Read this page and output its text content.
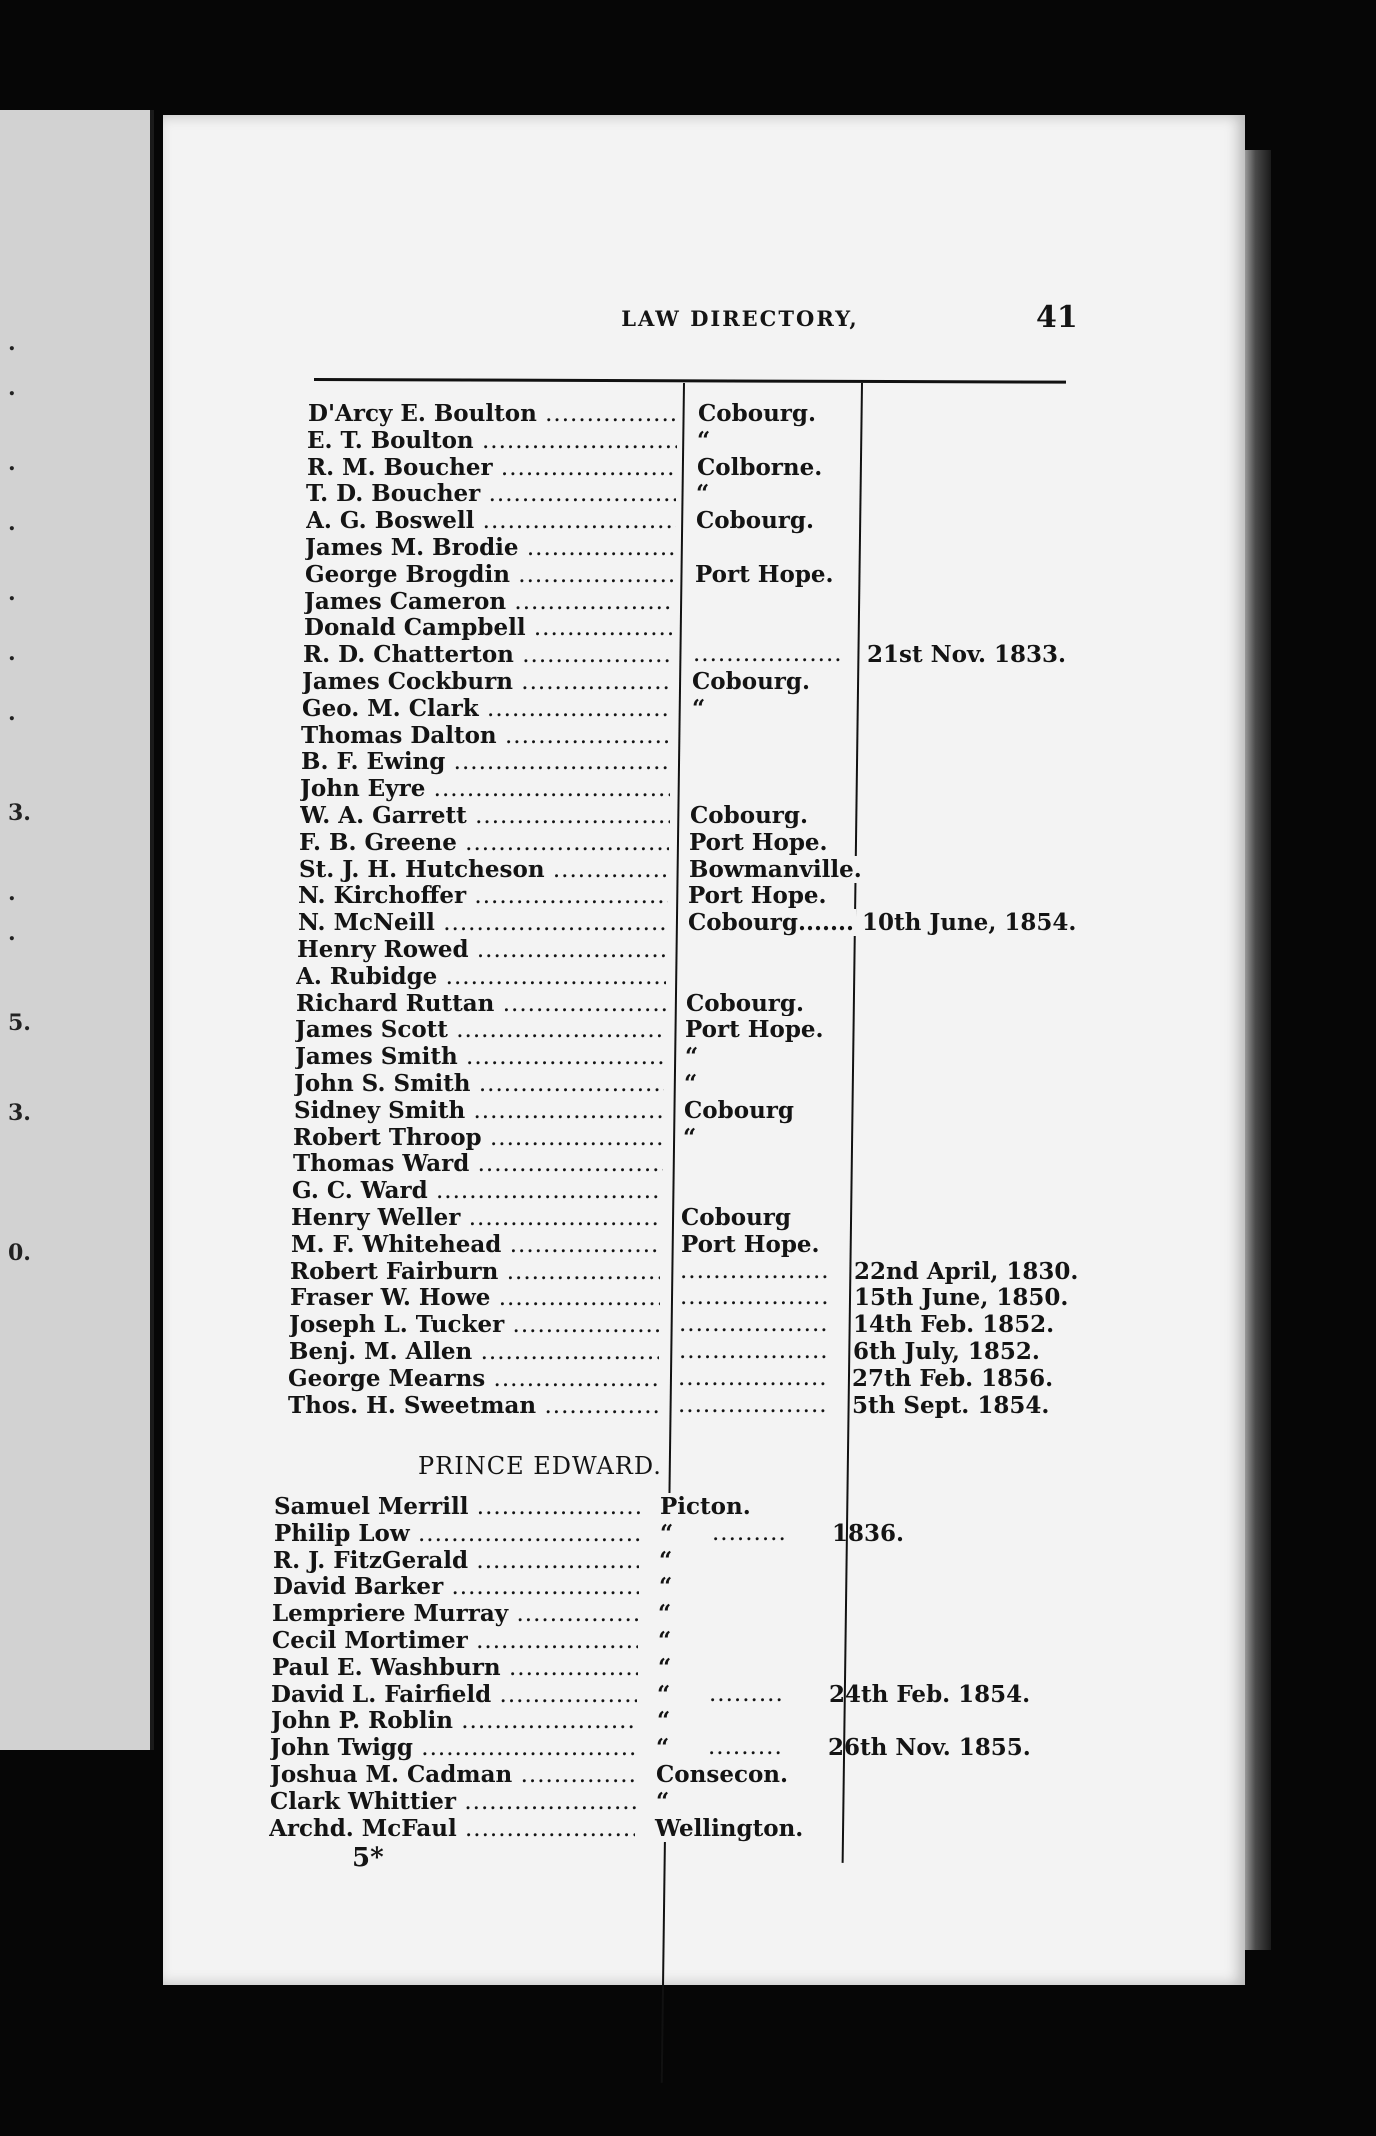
.
.
.
.
.
.
.
3.
.
.
5.
3.
0.
LAW DIRECTORY,	41
D'Arcy E. Boulton .....	Cobourg.
E. T. Boulton .....	“
R. M. Boucher .....	Colborne.
T. D. Boucher .....	“
A. G. Boswell .....	Cobourg.
James M. Brodie .....
George Brogdin .....	Port Hope.
James Cameron .....
Donald Campbell .....
R. D. Chatterton .....	.................. 21st Nov. 1833.
James Cockburn .....	Cobourg.
Geo. M. Clark .....	“
Thomas Dalton .....
B. F. Ewing .....
John Eyre .....
W. A. Garrett .....	Cobourg.
F. B. Greene .....	Port Hope.
St. J. H. Hutcheson .....	Bowmanville.
N. Kirchoffer .....	Port Hope.
N. McNeill .....	Cobourg....... 10th June, 1854.
Henry Rowed .....
A. Rubidge .....
Richard Ruttan .....	Cobourg.
James Scott .....	Port Hope.
James Smith .....	“
John S. Smith .....	“
Sidney Smith .....	Cobourg
Robert Throop .....	“
Thomas Ward .....
G. C. Ward .....
Henry Weller .....	Cobourg
M. F. Whitehead .....	Port Hope.
Robert Fairburn .....	.................. 22nd April, 1830.
Fraser W. Howe .....	.................. 15th June, 1850.
Joseph L. Tucker .....	.................. 14th Feb. 1852.
Benj. M. Allen .....	.................. 6th July, 1852.
George Mearns .....	.................. 27th Feb. 1856.
Thos. H. Sweetman .....	.................. 5th Sept. 1854.
PRINCE EDWARD.
Samuel Merrill .....	Picton.
Philip Low .....	“ ......... 1836.
R. J. FitzGerald .....	“
David Barker .....	“
Lempriere Murray .....	“
Cecil Mortimer .....	“
Paul E. Washburn .....	“
David L. Fairfield .....	“ ......... 24th Feb. 1854.
John P. Roblin .....	“
John Twigg .....	“ ......... 26th Nov. 1855.
Joshua M. Cadman .....	Consecon.
Clark Whittier .....	“
Archd. McFaul .....	Wellington.
5*
